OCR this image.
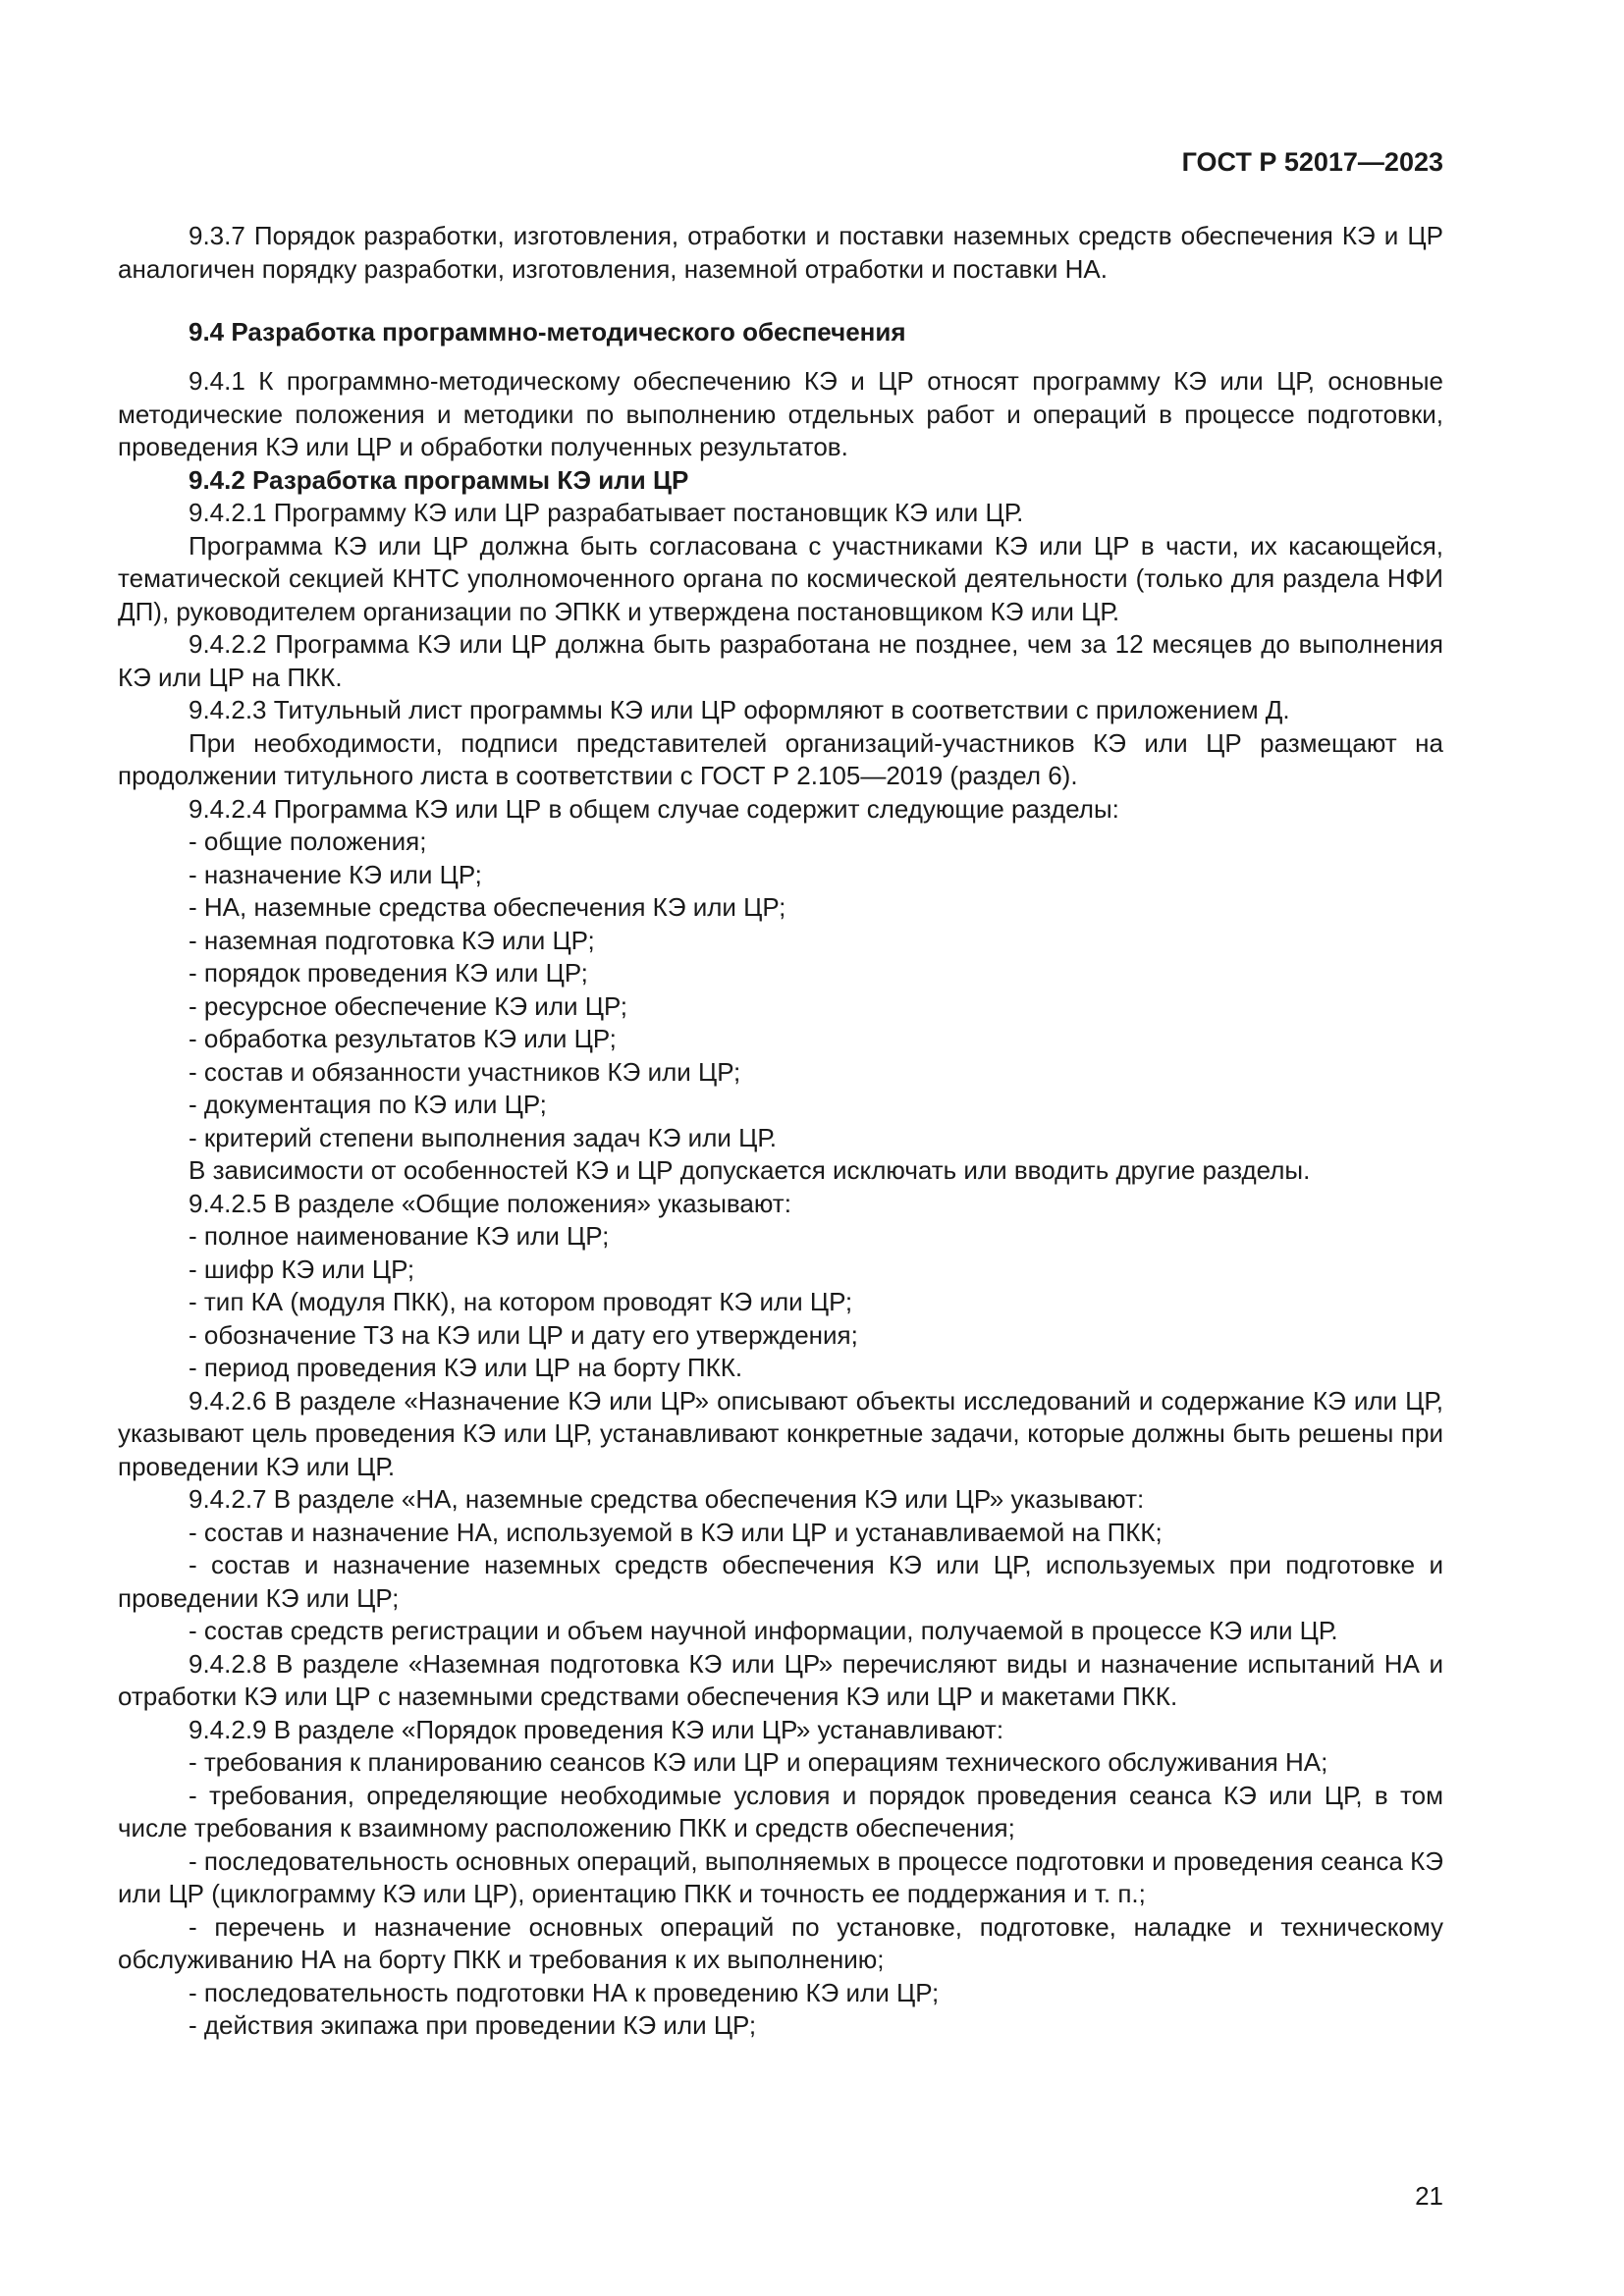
ГОСТ Р 52017—2023

9.3.7 Порядок разработки, изготовления, отработки и поставки наземных средств обеспечения КЭ и ЦР аналогичен порядку разработки, изготовления, наземной отработки и поставки НА.

9.4 Разработка программно-методического обеспечения

9.4.1 К программно-методическому обеспечению КЭ и ЦР относят программу КЭ или ЦР, основные методические положения и методики по выполнению отдельных работ и операций в процессе подготовки, проведения КЭ или ЦР и обработки полученных результатов.

9.4.2 Разработка программы КЭ или ЦР

9.4.2.1 Программу КЭ или ЦР разрабатывает постановщик КЭ или ЦР.

Программа КЭ или ЦР должна быть согласована с участниками КЭ или ЦР в части, их касающейся, тематической секцией КНТС уполномоченного органа по космической деятельности (только для раздела НФИ ДП), руководителем организации по ЭПКК и утверждена постановщиком КЭ или ЦР.

9.4.2.2 Программа КЭ или ЦР должна быть разработана не позднее, чем за 12 месяцев до выполнения КЭ или ЦР на ПКК.

9.4.2.3 Титульный лист программы КЭ или ЦР оформляют в соответствии с приложением Д.

При необходимости, подписи представителей организаций-участников КЭ или ЦР размещают на продолжении титульного листа в соответствии с ГОСТ Р 2.105—2019 (раздел 6).

9.4.2.4 Программа КЭ или ЦР в общем случае содержит следующие разделы:

- общие положения;

- назначение КЭ или ЦР;

- НА, наземные средства обеспечения КЭ или ЦР;

- наземная подготовка КЭ или ЦР;

- порядок проведения КЭ или ЦР;

- ресурсное обеспечение КЭ или ЦР;

- обработка результатов КЭ или ЦР;

- состав и обязанности участников КЭ или ЦР;

- документация по КЭ или ЦР;

- критерий степени выполнения задач КЭ или ЦР.

В зависимости от особенностей КЭ и ЦР допускается исключать или вводить другие разделы.

9.4.2.5 В разделе «Общие положения» указывают:

- полное наименование КЭ или ЦР;

- шифр КЭ или ЦР;

- тип КА (модуля ПКК), на котором проводят КЭ или ЦР;

- обозначение ТЗ на КЭ или ЦР и дату его утверждения;

- период проведения КЭ или ЦР на борту ПКК.

9.4.2.6 В разделе «Назначение КЭ или ЦР» описывают объекты исследований и содержание КЭ или ЦР, указывают цель проведения КЭ или ЦР, устанавливают конкретные задачи, которые должны быть решены при проведении КЭ или ЦР.

9.4.2.7 В разделе «НА, наземные средства обеспечения КЭ или ЦР» указывают:

- состав и назначение НА, используемой в КЭ или ЦР и устанавливаемой на ПКК;

- состав и назначение наземных средств обеспечения КЭ или ЦР, используемых при подготовке и проведении КЭ или ЦР;

- состав средств регистрации и объем научной информации, получаемой в процессе КЭ или ЦР.

9.4.2.8 В разделе «Наземная подготовка КЭ или ЦР» перечисляют виды и назначение испытаний НА и отработки КЭ или ЦР с наземными средствами обеспечения КЭ или ЦР и макетами ПКК.

9.4.2.9 В разделе «Порядок проведения КЭ или ЦР» устанавливают:

- требования к планированию сеансов КЭ или ЦР и операциям технического обслуживания НА;

- требования, определяющие необходимые условия и порядок проведения сеанса КЭ или ЦР, в том числе требования к взаимному расположению ПКК и средств обеспечения;

- последовательность основных операций, выполняемых в процессе подготовки и проведения сеанса КЭ или ЦР (циклограмму КЭ или ЦР), ориентацию ПКК и точность ее поддержания и т. п.;

- перечень и назначение основных операций по установке, подготовке, наладке и техническому обслуживанию НА на борту ПКК и требования к их выполнению;

- последовательность подготовки НА к проведению КЭ или ЦР;

- действия экипажа при проведении КЭ или ЦР;

21
